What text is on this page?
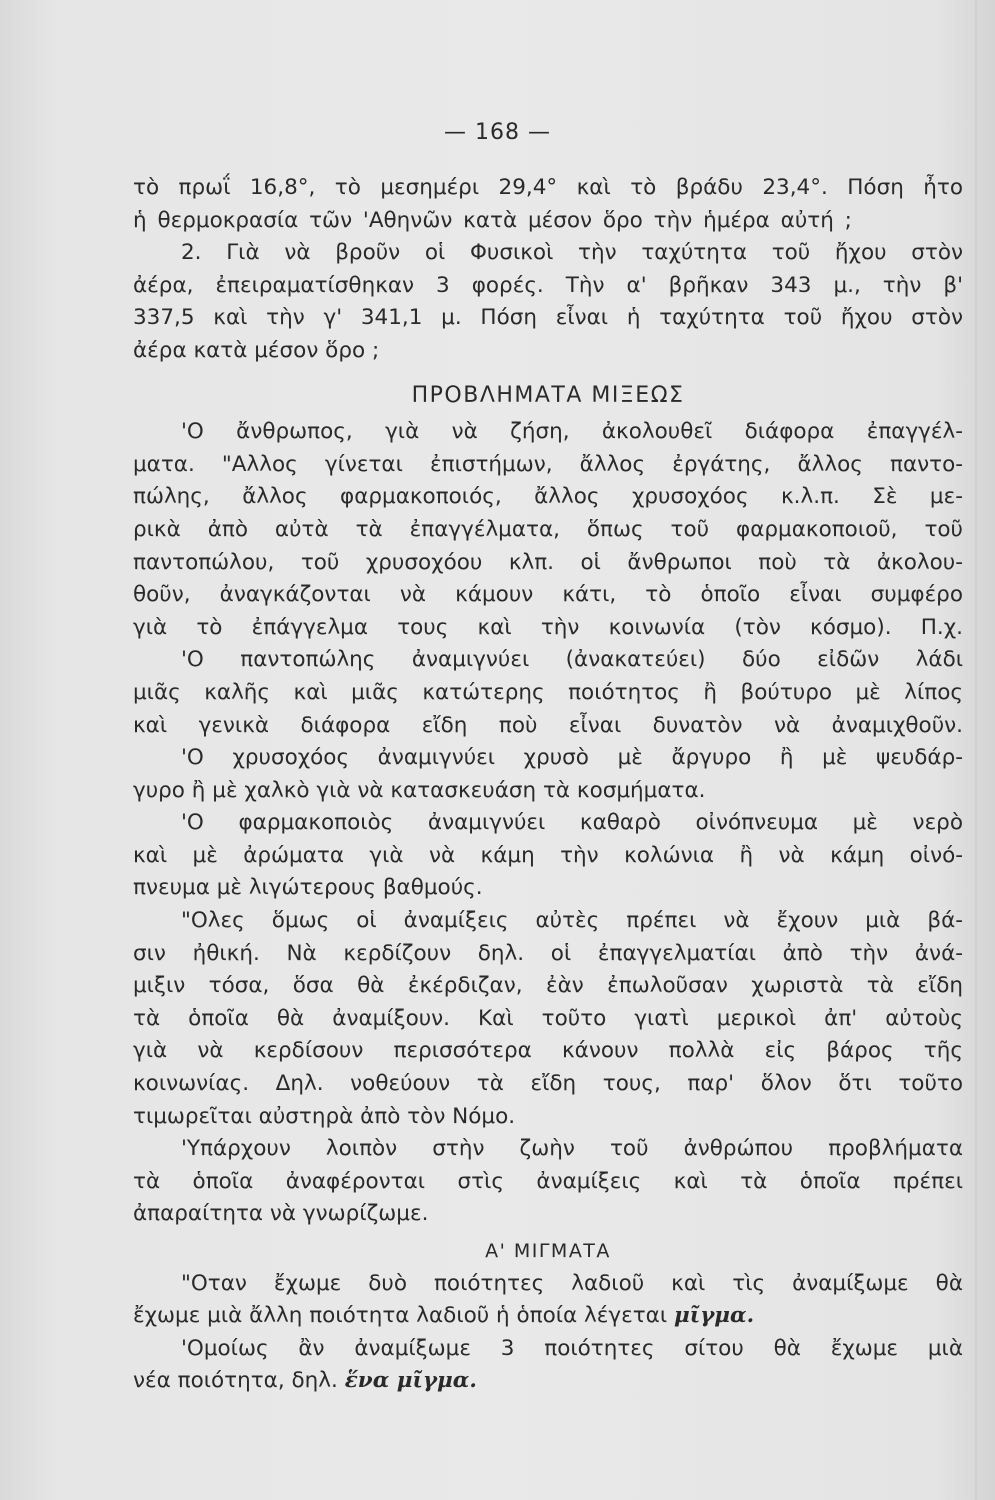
— 168 —
τὸ πρωΐ 16,8°, τὸ μεσημέρι 29,4° καὶ τὸ βράδυ 23,4°. Πόση ἦτο
ἡ θερμοκρασία τῶν 'Αθηνῶν κατὰ μέσον ὅρο τὴν ἡμέρα αὐτή ;
2. Γιὰ νὰ βροῦν οἱ Φυσικοὶ τὴν ταχύτητα τοῦ ἤχου στὸν
ἀέρα, ἐπειραματίσθηκαν 3 φορές. Τὴν α' βρῆκαν 343 μ., τὴν β'
337,5 καὶ τὴν γ' 341,1 μ. Πόση εἶναι ἡ ταχύτητα τοῦ ἤχου στὸν
ἀέρα κατὰ μέσον ὅρο ;
ΠΡΟΒΛΗΜΑΤΑ ΜΙΞΕΩΣ
'Ο ἄνθρωπος, γιὰ νὰ ζήση, ἀκολουθεῖ διάφορα ἐπαγγέλ-
ματα. "Αλλος γίνεται ἐπιστήμων, ἄλλος ἐργάτης, ἄλλος παντο-
πώλης, ἄλλος φαρμακοποιός, ἄλλος χρυσοχόος κ.λ.π. Σὲ με-
ρικὰ ἀπὸ αὐτὰ τὰ ἐπαγγέλματα, ὅπως τοῦ φαρμακοποιοῦ, τοῦ
παντοπώλου, τοῦ χρυσοχόου κλπ. οἱ ἄνθρωποι ποὺ τὰ ἀκολου-
θοῦν, ἀναγκάζονται νὰ κάμουν κάτι, τὸ ὁποῖο εἶναι συμφέρο
γιὰ τὸ ἐπάγγελμα τους καὶ τὴν κοινωνία (τὸν κόσμο). Π.χ.
'Ο παντοπώλης ἀναμιγνύει (ἀνακατεύει) δύο εἰδῶν λάδι
μιᾶς καλῆς καὶ μιᾶς κατώτερης ποιότητος ἢ βούτυρο μὲ λίπος
καὶ γενικὰ διάφορα εἴδη ποὺ εἶναι δυνατὸν νὰ ἀναμιχθοῦν.
'Ο χρυσοχόος ἀναμιγνύει χρυσὸ μὲ ἄργυρο ἢ μὲ ψευδάρ-
γυρο ἢ μὲ χαλκὸ γιὰ νὰ κατασκευάση τὰ κοσμήματα.
'Ο φαρμακοποιὸς ἀναμιγνύει καθαρὸ οἰνόπνευμα μὲ νερὸ
καὶ μὲ ἀρώματα γιὰ νὰ κάμη τὴν κολώνια ἢ νὰ κάμη οἰνό-
πνευμα μὲ λιγώτερους βαθμούς.
"Ολες ὅμως οἱ ἀναμίξεις αὐτὲς πρέπει νὰ ἔχουν μιὰ βά-
σιν ἠθική. Νὰ κερδίζουν δηλ. οἱ ἐπαγγελματίαι ἀπὸ τὴν ἀνά-
μιξιν τόσα, ὅσα θὰ ἐκέρδιζαν, ἐὰν ἐπωλοῦσαν χωριστὰ τὰ εἴδη
τὰ ὁποῖα θὰ ἀναμίξουν. Καὶ τοῦτο γιατὶ μερικοὶ ἀπ' αὐτοὺς
γιὰ νὰ κερδίσουν περισσότερα κάνουν πολλὰ εἰς βάρος τῆς
κοινωνίας. Δηλ. νοθεύουν τὰ εἴδη τους, παρ' ὅλον ὅτι τοῦτο
τιμωρεῖται αὐστηρὰ ἀπὸ τὸν Νόμο.
'Υπάρχουν λοιπὸν στὴν ζωὴν τοῦ ἀνθρώπου προβλήματα
τὰ ὁποῖα ἀναφέρονται στὶς ἀναμίξεις καὶ τὰ ὁποῖα πρέπει
ἀπαραίτητα νὰ γνωρίζωμε.
Α' ΜΙΓΜΑΤΑ
"Οταν ἔχωμε δυὸ ποιότητες λαδιοῦ καὶ τὶς ἀναμίξωμε θὰ
ἔχωμε μιὰ ἄλλη ποιότητα λαδιοῦ ἡ ὁποία λέγεται μῖγμα.
'Ομοίως ἂν ἀναμίξωμε 3 ποιότητες σίτου θὰ ἔχωμε μιὰ
νέα ποιότητα, δηλ. ἕνα μῖγμα.
